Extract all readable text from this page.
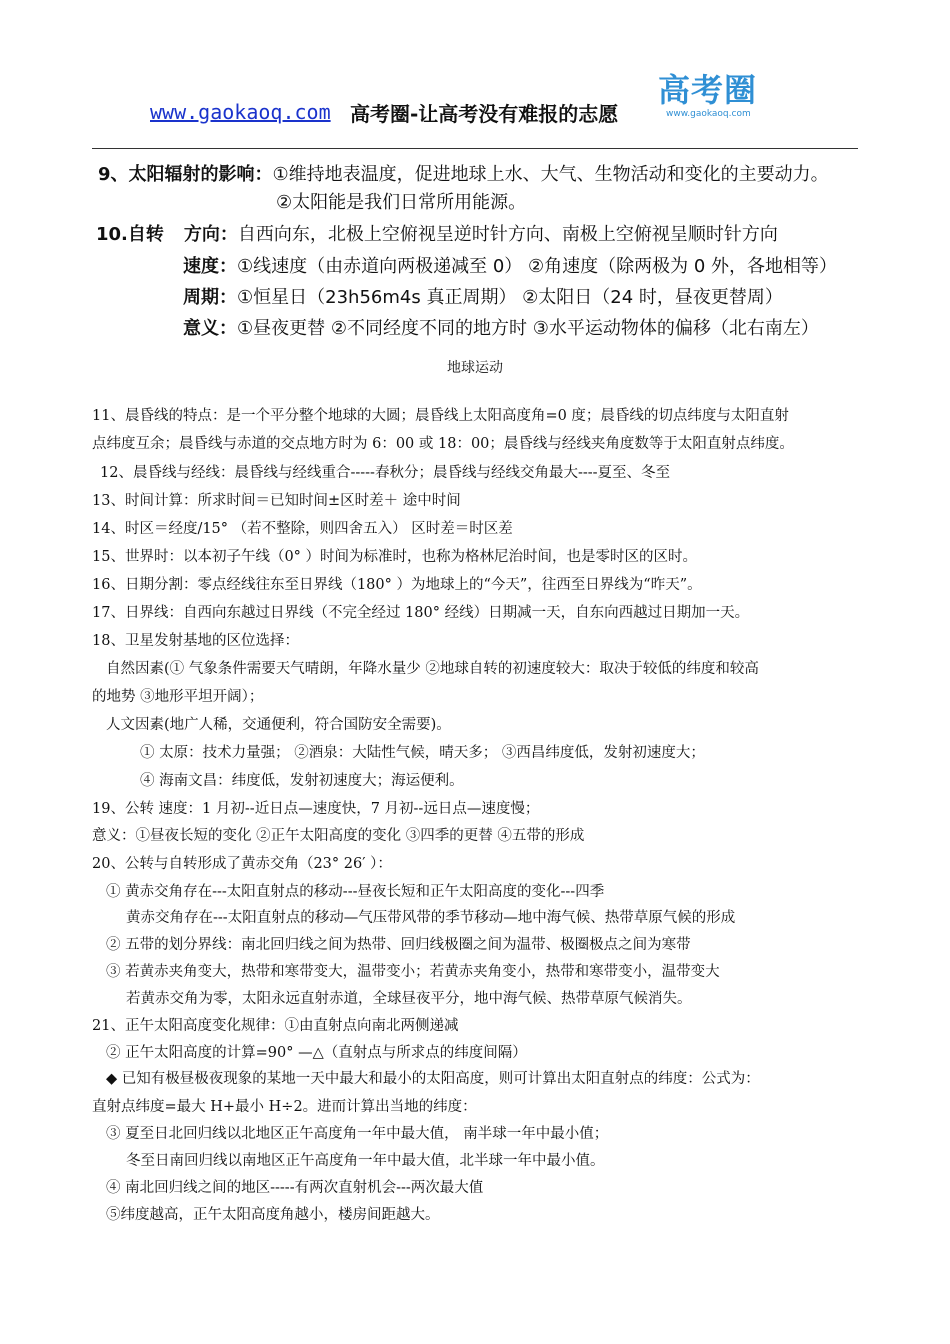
www.gaokaoq.com 高考圈-让高考没有难报的志愿
高考圈
www.gaokaoq.com
9、太阳辐射的影响：①维持地表温度，促进地球上水、大气、生物活动和变化的主要动力。
②太阳能是我们日常所用能源。
10.自转 方向：自西向东，北极上空俯视呈逆时针方向、南极上空俯视呈顺时针方向
速度：①线速度（由赤道向两极递减至 0） ②角速度（除两极为 0 外，各地相等）
周期：①恒星日（23h56m4s 真正周期） ②太阳日（24 时，昼夜更替周）
意义：①昼夜更替 ②不同经度不同的地方时 ③水平运动物体的偏移（北右南左）
地球运动
11、晨昏线的特点：是一个平分整个地球的大圆；晨昏线上太阳高度角=0 度；晨昏线的切点纬度与太阳直射
点纬度互余；晨昏线与赤道的交点地方时为 6：00 或 18：00；晨昏线与经线夹角度数等于太阳直射点纬度。
12、晨昏线与经线：晨昏线与经线重合-----春秋分；晨昏线与经线交角最大----夏至、冬至
13、时间计算：所求时间＝已知时间±区时差＋ 途中时间
14、时区＝经度/15° （若不整除，则四舍五入） 区时差＝时区差
15、世界时：以本初子午线（0° ）时间为标准时，也称为格林尼治时间，也是零时区的区时。
16、日期分割：零点经线往东至日界线（180° ）为地球上的“今天”，往西至日界线为“昨天”。
17、日界线：自西向东越过日界线（不完全经过 180° 经线）日期减一天，自东向西越过日期加一天。
18、卫星发射基地的区位选择：
自然因素(① 气象条件需要天气晴朗，年降水量少 ②地球自转的初速度较大：取决于较低的纬度和较高
的地势 ③地形平坦开阔）；
人文因素(地广人稀，交通便利，符合国防安全需要)。
① 太原：技术力量强； ②酒泉：大陆性气候，晴天多； ③西昌纬度低，发射初速度大；
④ 海南文昌：纬度低，发射初速度大；海运便利。
19、公转 速度：1 月初--近日点—速度快，7 月初--远日点—速度慢；
意义：①昼夜长短的变化 ②正午太阳高度的变化 ③四季的更替 ④五带的形成
20、公转与自转形成了黄赤交角（23° 26′ ）：
① 黄赤交角存在---太阳直射点的移动---昼夜长短和正午太阳高度的变化---四季
黄赤交角存在---太阳直射点的移动—气压带风带的季节移动—地中海气候、热带草原气候的形成
② 五带的划分界线：南北回归线之间为热带、回归线极圈之间为温带、极圈极点之间为寒带
③ 若黄赤夹角变大，热带和寒带变大，温带变小；若黄赤夹角变小，热带和寒带变小，温带变大
若黄赤交角为零，太阳永远直射赤道，全球昼夜平分，地中海气候、热带草原气候消失。
21、正午太阳高度变化规律：①由直射点向南北两侧递减
② 正午太阳高度的计算=90° —△（直射点与所求点的纬度间隔）
◆ 已知有极昼极夜现象的某地一天中最大和最小的太阳高度，则可计算出太阳直射点的纬度：公式为：
直射点纬度=最大 H+最小 H÷2。进而计算出当地的纬度：
③ 夏至日北回归线以北地区正午高度角一年中最大值， 南半球一年中最小值；
冬至日南回归线以南地区正午高度角一年中最大值，北半球一年中最小值。
④ 南北回归线之间的地区-----有两次直射机会---两次最大值
⑤纬度越高，正午太阳高度角越小，楼房间距越大。
